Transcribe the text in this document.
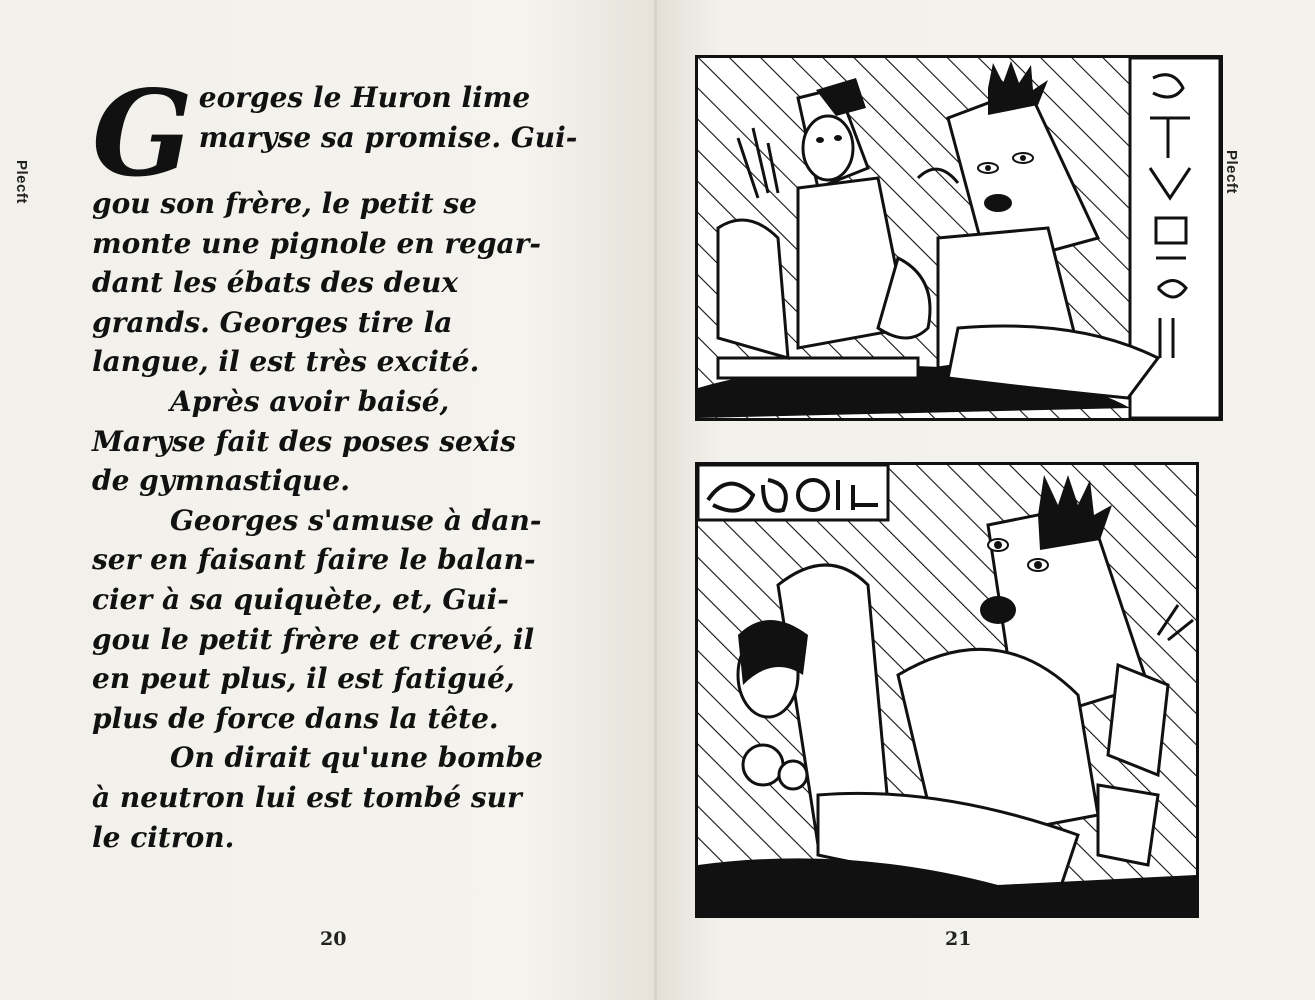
Plecft G eorges le Huron lime
maryse sa promise. Gui-
gou son frère, le petit se
monte une pignole en regar-
dant les ébats des deux
grands. Georges tire la
langue, il est très excité.
Après avoir baisé,
Maryse fait des poses sexis
de gymnastique.
Georges s'amuse à dan-
ser en faisant faire le balan-
cier à sa quiquète, et, Gui-
gou le petit frère et crevé, il
en peut plus, il est fatigué,
plus de force dans la tête.
On dirait qu'une bombe
à neutron lui est tombé sur
le citron.
20
Plecft
21
